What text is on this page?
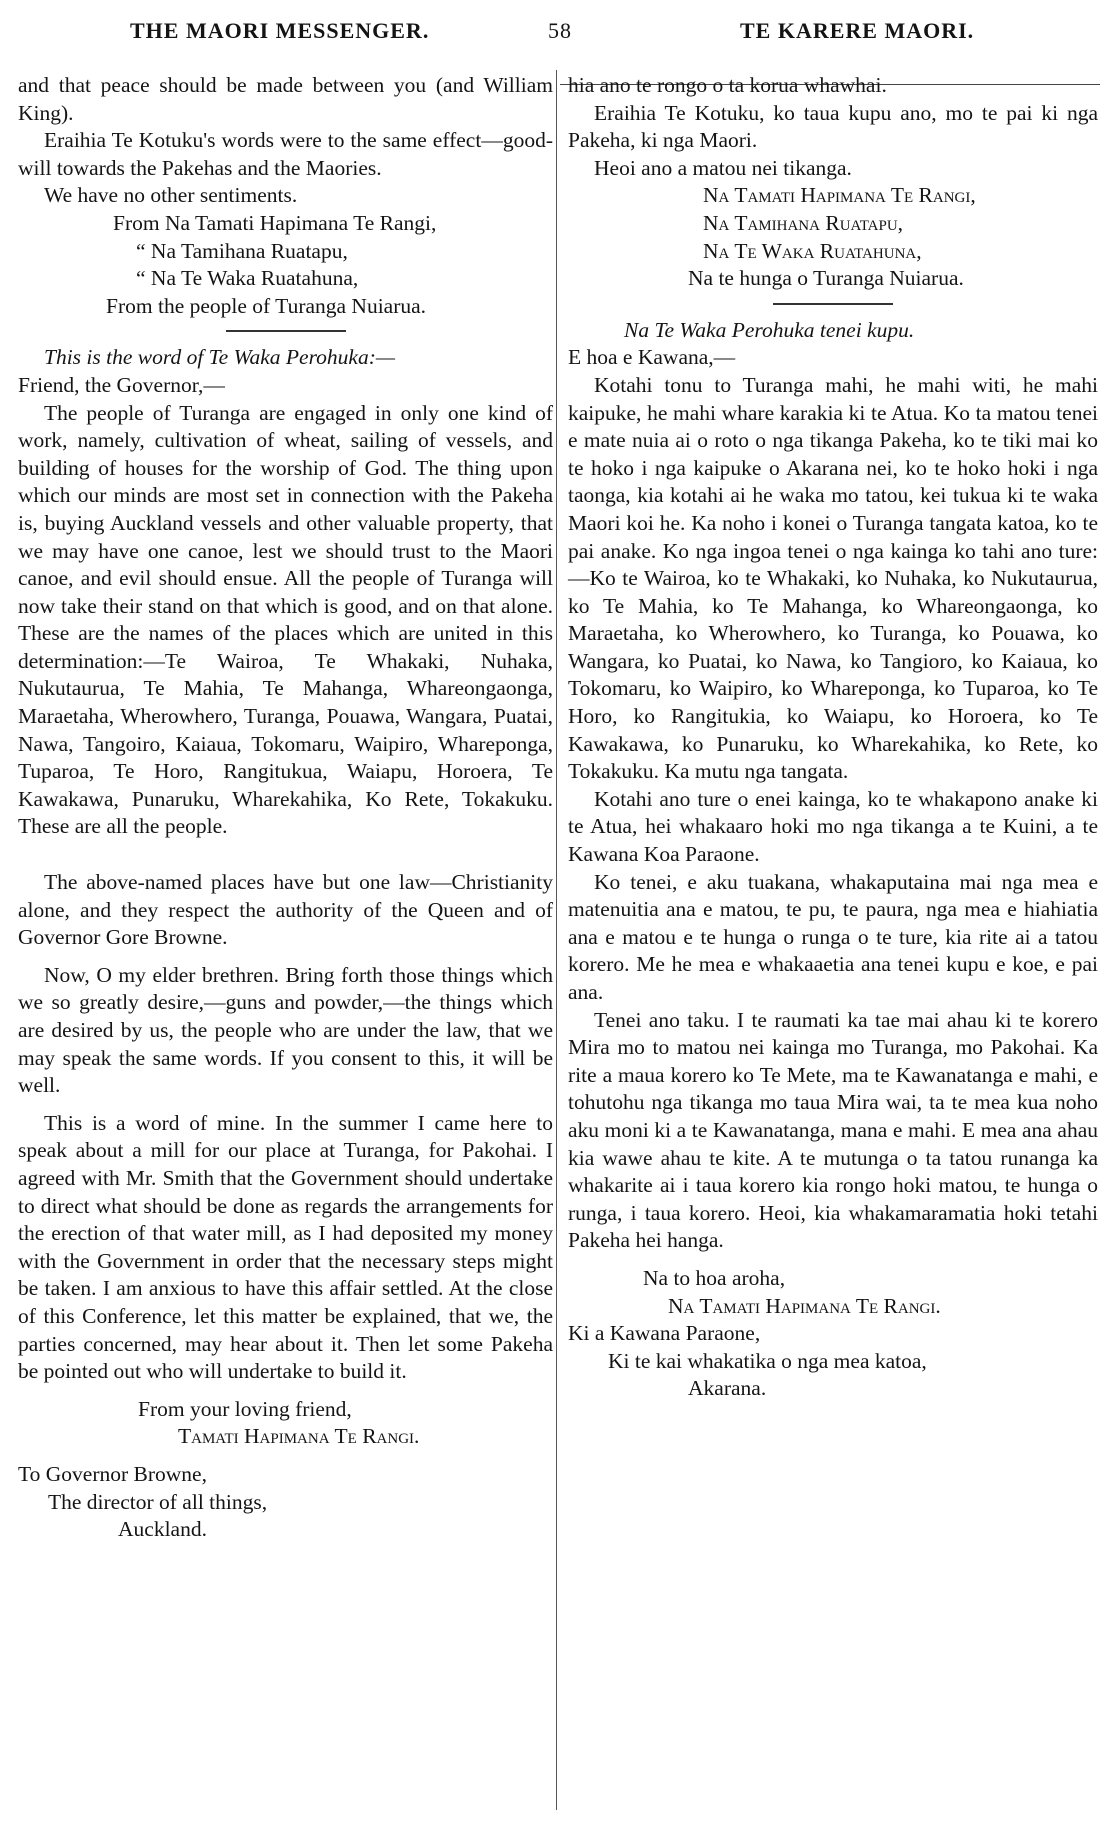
THE MAORI MESSENGER.	58	TE KARERE MAORI.

and that peace should be made between you (and William King).

Eraihia Te Kotuku's words were to the same effect—good-will towards the Pakehas and the Maories.

We have no other sentiments.

From Na Tamati Hapimana Te Rangi,
“ Na Tamihana Ruatapu,
“ Na Te Waka Ruatahuna,
From the people of Turanga Nuiarua.

This is the word of Te Waka Perohuka:—

Friend, the Governor,—

The people of Turanga are engaged in only one kind of work, namely, cultivation of wheat, sailing of vessels, and building of houses for the worship of God. The thing upon which our minds are most set in connection with the Pakeha is, buying Auckland vessels and other valuable property, that we may have one canoe, lest we should trust to the Maori canoe, and evil should ensue. All the people of Turanga will now take their stand on that which is good, and on that alone. These are the names of the places which are united in this determination:—Te Wairoa, Te Whakaki, Nuhaka, Nukutaurua, Te Mahia, Te Mahanga, Whareongaonga, Maraetaha, Wherowhero, Turanga, Pouawa, Wangara, Puatai, Nawa, Tangoiro, Kaiaua, Tokomaru, Waipiro, Whareponga, Tuparoa, Te Horo, Rangitukua, Waiapu, Horoera, Te Kawakawa, Punaruku, Wharekahika, Ko Rete, Tokakuku. These are all the people.

The above-named places have but one law—Christianity alone, and they respect the authority of the Queen and of Governor Gore Browne.

Now, O my elder brethren. Bring forth those things which we so greatly desire,—guns and powder,—the things which are desired by us, the people who are under the law, that we may speak the same words. If you consent to this, it will be well.

This is a word of mine. In the summer I came here to speak about a mill for our place at Turanga, for Pakohai. I agreed with Mr. Smith that the Government should undertake to direct what should be done as regards the arrangements for the erection of that water mill, as I had deposited my money with the Government in order that the necessary steps might be taken. I am anxious to have this affair settled. At the close of this Conference, let this matter be explained, that we, the parties concerned, may hear about it. Then let some Pakeha be pointed out who will undertake to build it.

From your loving friend,
Tamati Hapimana Te Rangi.
To Governor Browne,
The director of all things,
Auckland.

hia ano te rongo o ta korua whawhai.

Eraihia Te Kotuku, ko taua kupu ano, mo te pai ki nga Pakeha, ki nga Maori.

Heoi ano a matou nei tikanga.

Na Tamati Hapimana Te Rangi,
Na Tamihana Ruatapu,
Na Te Waka Ruatahuna,
Na te hunga o Turanga Nuiarua.

Na Te Waka Perohuka tenei kupu.

E hoa e Kawana,—

Kotahi tonu to Turanga mahi, he mahi witi, he mahi kaipuke, he mahi whare karakia ki te Atua. Ko ta matou tenei e mate nuia ai o roto o nga tikanga Pakeha, ko te tiki mai ko te hoko i nga kaipuke o Akarana nei, ko te hoko hoki i nga taonga, kia kotahi ai he waka mo tatou, kei tukua ki te waka Maori koi he. Ka noho i konei o Turanga tangata katoa, ko te pai anake. Ko nga ingoa tenei o nga kainga ko tahi ano ture:—Ko te Wairoa, ko te Whakaki, ko Nuhaka, ko Nukutaurua, ko Te Mahia, ko Te Mahanga, ko Whareongaonga, ko Maraetaha, ko Wherowhero, ko Turanga, ko Pouawa, ko Wangara, ko Puatai, ko Nawa, ko Tangioro, ko Kaiaua, ko Tokomaru, ko Waipiro, ko Whareponga, ko Tuparoa, ko Te Horo, ko Rangitukia, ko Waiapu, ko Horoera, ko Te Kawakawa, ko Punaruku, ko Wharekahika, ko Rete, ko Tokakuku. Ka mutu nga tangata.

Kotahi ano ture o enei kainga, ko te whakapono anake ki te Atua, hei whakaaro hoki mo nga tikanga a te Kuini, a te Kawana Koa Paraone.

Ko tenei, e aku tuakana, whakaputaina mai nga mea e matenuitia ana e matou, te pu, te paura, nga mea e hiahiatia ana e matou e te hunga o runga o te ture, kia rite ai a tatou korero. Me he mea e whakaaetia ana tenei kupu e koe, e pai ana.

Tenei ano taku. I te raumati ka tae mai ahau ki te korero Mira mo to matou nei kainga mo Turanga, mo Pakohai. Ka rite a maua korero ko Te Mete, ma te Kawanatanga e mahi, e tohutohu nga tikanga mo taua Mira wai, ta te mea kua noho aku moni ki a te Kawanatanga, mana e mahi. E mea ana ahau kia wawe ahau te kite. A te mutunga o ta tatou runanga ka whakarite ai i taua korero kia rongo hoki matou, te hunga o runga, i taua korero. Heoi, kia whakamaramatia hoki tetahi Pakeha hei hanga.

Na to hoa aroha,
Na Tamati Hapimana Te Rangi.
Ki a Kawana Paraone,
Ki te kai whakatika o nga mea katoa,
Akarana.
